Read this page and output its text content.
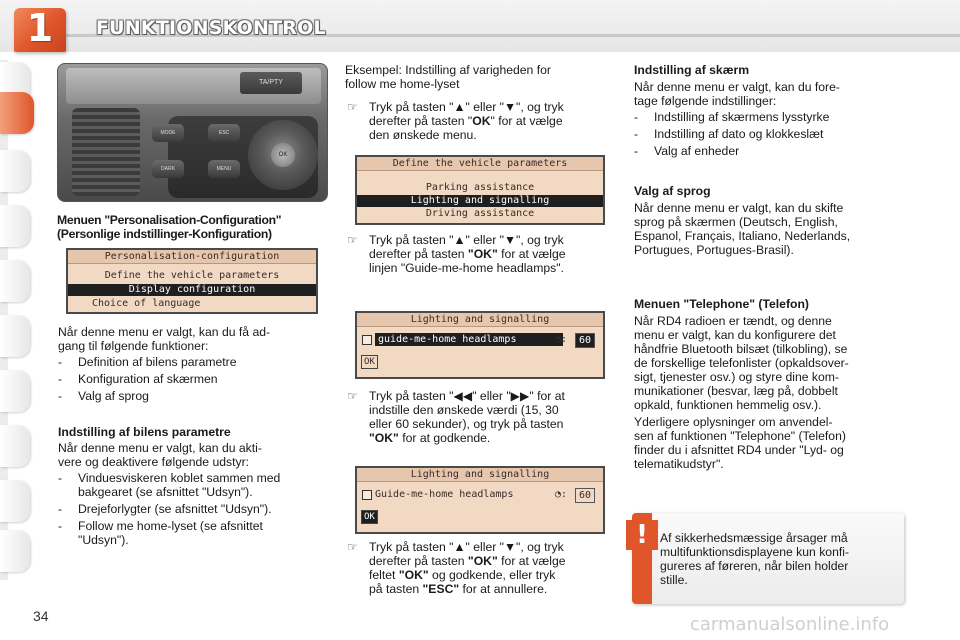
1	FUNKTIONSKONTROL
TA/PTY
MODE
DARK
ESC
MENU
OK
Menuen "Personalisation-Configuration"
(Personlige indstillinger-Konfiguration)
Personalisation-configuration
Define the vehicle parameters
Display configuration
Choice of language
Når denne menu er valgt, kan du få ad-
gang til følgende funktioner:
- Definition af bilens parametre
- Konfiguration af skærmen
- Valg af sprog
Indstilling af bilens parametre
Når denne menu er valgt, kan du akti-
vere og deaktivere følgende udstyr:
- Vinduesviskeren koblet sammen med
bakgearet (se afsnittet "Udsyn").
- Drejeforlygter (se afsnittet "Udsyn").
- Follow me home-lyset (se afsnittet
"Udsyn").
Eksempel: Indstilling af varigheden for
follow me home-lyset
☞ Tryk på tasten "▲" eller "▼", og tryk
derefter på tasten "OK" for at vælge
den ønskede menu.
Define the vehicle parameters
Parking assistance
Lighting and signalling
Driving assistance
☞ Tryk på tasten "▲" eller "▼", og tryk
derefter på tasten "OK" for at vælge
linjen "Guide-me-home headlamps".
Lighting and signalling
guide-me-home headlamps	◔:	60
OK
☞ Tryk på tasten "◀◀" eller "▶▶" for at
indstille den ønskede værdi (15, 30
eller 60 sekunder), og tryk på tasten
"OK" for at godkende.
Lighting and signalling
Guide-me-home headlamps	◔:	60
OK
☞ Tryk på tasten "▲" eller "▼", og tryk
derefter på tasten "OK" for at vælge
feltet "OK" og godkende, eller tryk
på tasten "ESC" for at annullere.
Indstilling af skærm
Når denne menu er valgt, kan du fore-
tage følgende indstillinger:
- Indstilling af skærmens lysstyrke
- Indstilling af dato og klokkeslæt
- Valg af enheder
Valg af sprog
Når denne menu er valgt, kan du skifte
sprog på skærmen (Deutsch, English,
Espanol, Français, Italiano, Nederlands,
Portugues, Portugues-Brasil).
Menuen "Telephone" (Telefon)
Når RD4 radioen er tændt, og denne
menu er valgt, kan du konfigurere det
håndfrie Bluetooth bilsæt (tilkobling), se
de forskellige telefonlister (opkaldsover-
sigt, tjenester osv.) og styre dine kom-
munikationer (besvar, læg på, dobbelt
opkald, funktionen hemmelig osv.).
Yderligere oplysninger om anvendel-
sen af funktionen "Telephone" (Telefon)
finder du i afsnittet RD4 under "Lyd- og
telematikudstyr".
! Af sikkerhedsmæssige årsager må
multifunktionsdisplayene kun konfi-
gureres af føreren, når bilen holder
stille.
34	carmanualsonline.info
